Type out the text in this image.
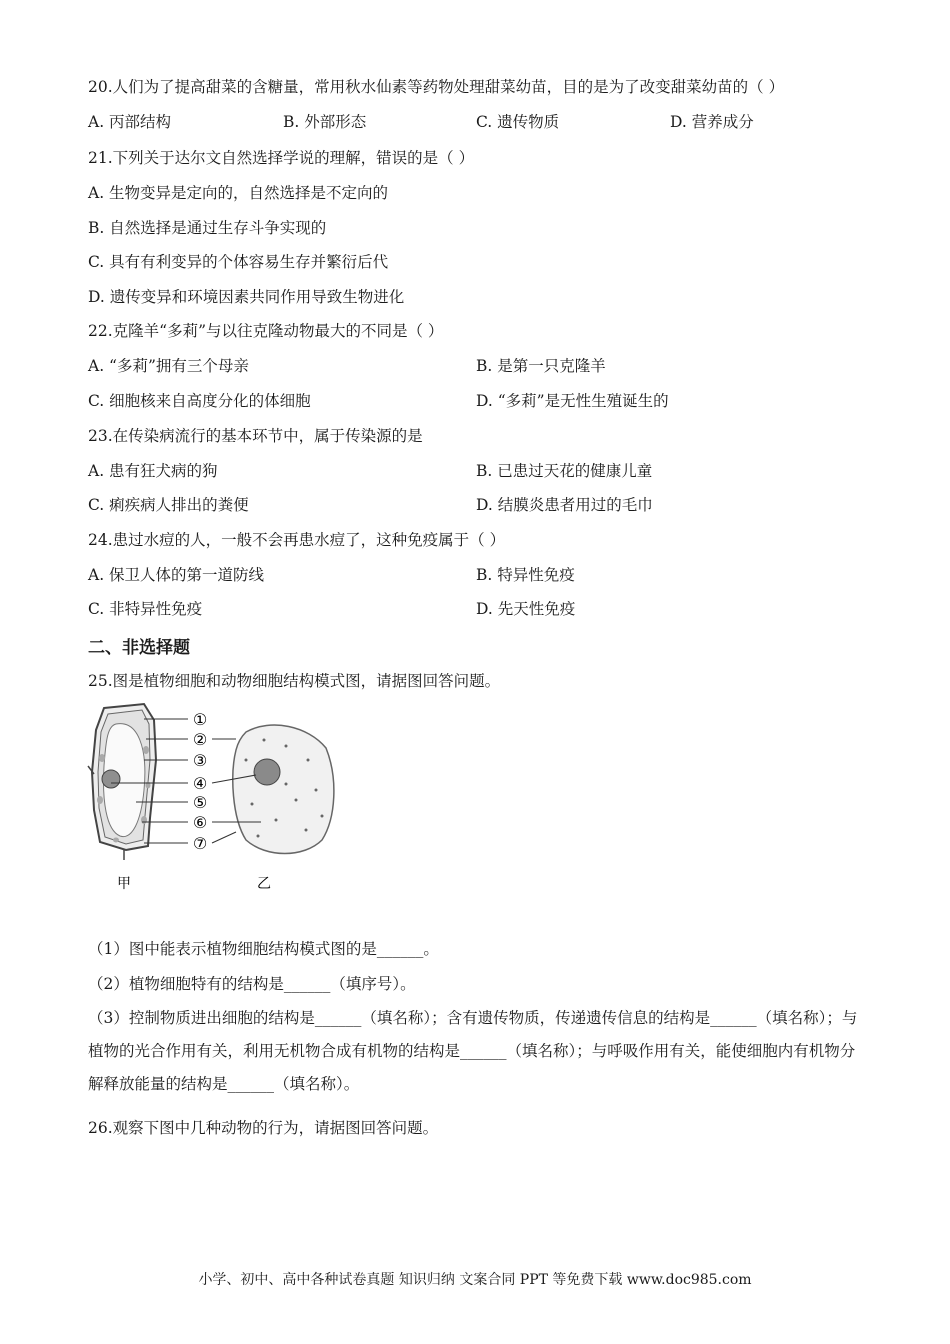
20.人们为了提高甜菜的含糖量，常用秋水仙素等药物处理甜菜幼苗，目的是为了改变甜菜幼苗的（ ）
A. 丙部结构	B. 外部形态	C. 遗传物质	D. 营养成分
21.下列关于达尔文自然选择学说的理解，错误的是（ ）
A. 生物变异是定向的，自然选择是不定向的
B. 自然选择是通过生存斗争实现的
C. 具有有利变异的个体容易生存并繁衍后代
D. 遗传变异和环境因素共同作用导致生物进化
22.克隆羊“多莉”与以往克隆动物最大的不同是（ ）
A. “多莉”拥有三个母亲	B. 是第一只克隆羊
C. 细胞核来自高度分化的体细胞	D. “多莉”是无性生殖诞生的
23.在传染病流行的基本环节中，属于传染源的是
A. 患有狂犬病的狗	B. 已患过天花的健康儿童
C. 痢疾病人排出的粪便	D. 结膜炎患者用过的毛巾
24.患过水痘的人，一般不会再患水痘了，这种免疫属于（ ）
A. 保卫人体的第一道防线	B. 特异性免疫
C. 非特异性免疫	D. 先天性免疫
二、非选择题
25.图是植物细胞和动物细胞结构模式图，请据图回答问题。
①
②
③
④
⑤
⑥
⑦
甲	乙
（1）图中能表示植物细胞结构模式图的是______。
（2）植物细胞特有的结构是______（填序号）。
（3）控制物质进出细胞的结构是______（填名称）；含有遗传物质，传递遗传信息的结构是______（填名称）；与植物的光合作用有关，利用无机物合成有机物的结构是______（填名称）；与呼吸作用有关，能使细胞内有机物分解释放能量的结构是______（填名称）。
26.观察下图中几种动物的行为，请据图回答问题。
小学、初中、高中各种试卷真题 知识归纳 文案合同 PPT 等免费下载 www.doc985.com
